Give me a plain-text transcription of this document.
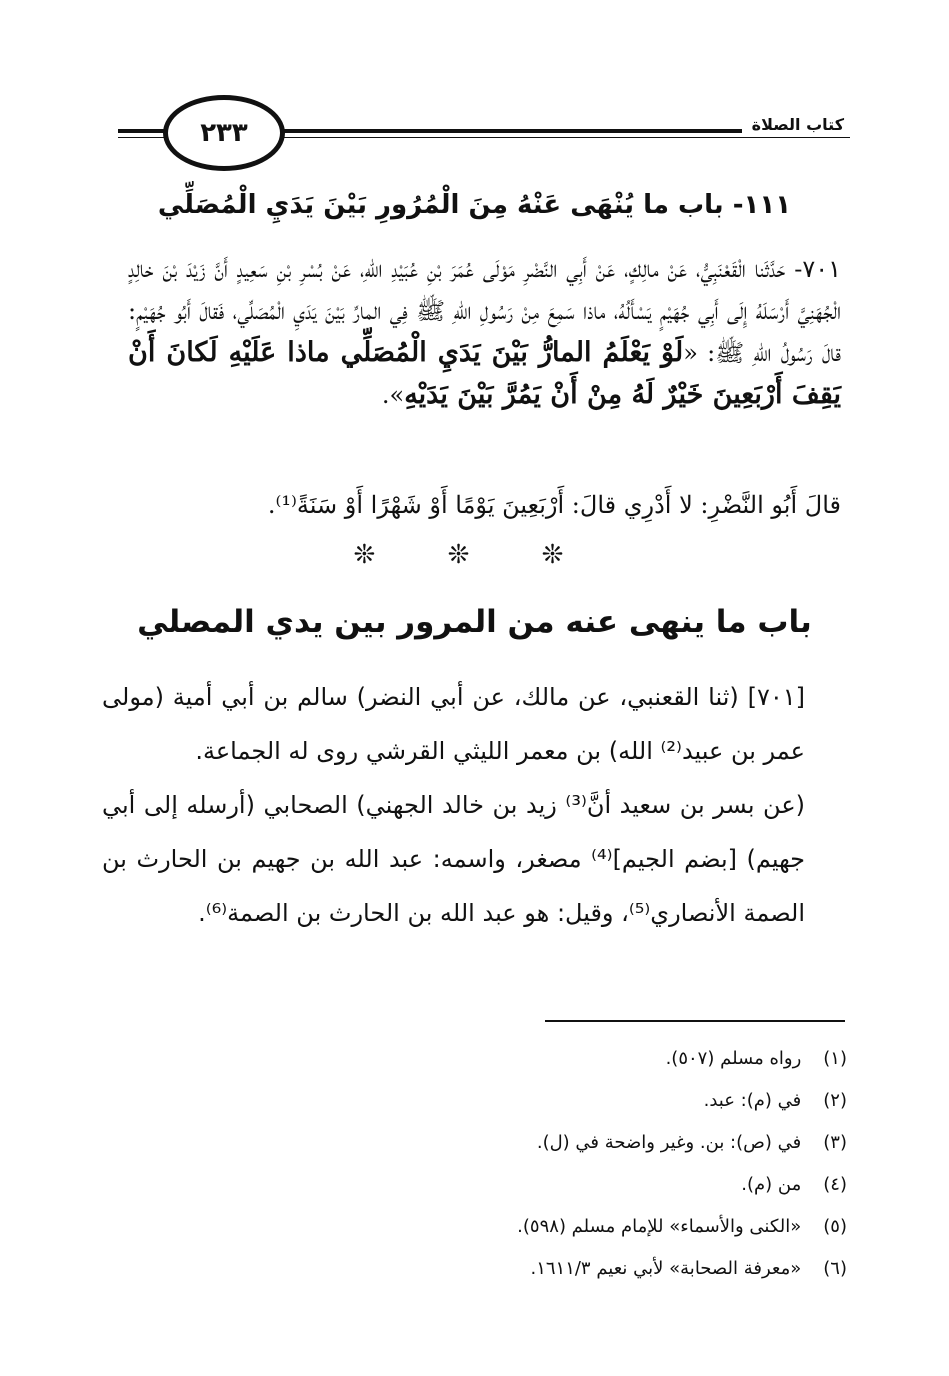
كتاب الصلاة
٢٣٣
١١١- باب ما يُنْهَى عَنْهُ مِنَ الْمُرُورِ بَيْنَ يَدَيِ الْمُصَلِّي
٧٠١- حَدَّثَنا الْقَعْنَبِيُّ، عَنْ مالِكٍ، عَنْ أَبِي النَّضْرِ مَوْلَى عُمَرَ بْنِ عُبَيْدِ اللهِ، عَنْ بُسْرِ بْنِ سَعِيدٍ أَنَّ زَيْدَ بْنَ خالِدٍ الْجُهَنِيَّ أَرْسَلَهُ إِلَى أَبِي جُهَيْمٍ يَسْأَلُهُ، ماذا سَمِعَ مِنْ رَسُولِ اللهِ ﷺ فِي المارِّ بَيْنَ يَدَيِ الْمُصَلِّي، فَقالَ أَبُو جُهَيْمٍ: قالَ رَسُولُ اللهِ ﷺ: «لَوْ يَعْلَمُ المارُّ بَيْنَ يَدَيِ الْمُصَلِّي ماذا عَلَيْهِ لَكانَ أَنْ يَقِفَ أَرْبَعِينَ خَيْرٌ لَهُ مِنْ أَنْ يَمُرَّ بَيْنَ يَدَيْهِ».
قالَ أَبُو النَّضْرِ: لا أَدْرِي قالَ: أَرْبَعِينَ يَوْمًا أَوْ شَهْرًا أَوْ سَنَةً⁽¹⁾.
❊ ❊ ❊
باب ما ينهى عنه من المرور بين يدي المصلي

[٧٠١] (ثنا القعنبي، عن مالك، عن أبي النضر) سالم بن أبي أمية (مولى عمر بن عبيد⁽²⁾ الله) بن معمر الليثي القرشي روى له الجماعة.

(عن بسر بن سعيد أنَّ⁽³⁾ زيد بن خالد الجهني) الصحابي (أرسله إلى أبي جهيم) [بضم الجيم]⁽⁴⁾ مصغر، واسمه: عبد الله بن جهيم بن الحارث بن الصمة الأنصاري⁽⁵⁾، وقيل: هو عبد الله بن الحارث بن الصمة⁽⁶⁾.

(١) رواه مسلم (٥٠٧).
(٢) في (م): عبد.
(٣) في (ص): بن. وغير واضحة في (ل).
(٤) من (م).
(٥) «الكنى والأسماء» للإمام مسلم (٥٩٨).
(٦) «معرفة الصحابة» لأبي نعيم ١٦١١/٣.
